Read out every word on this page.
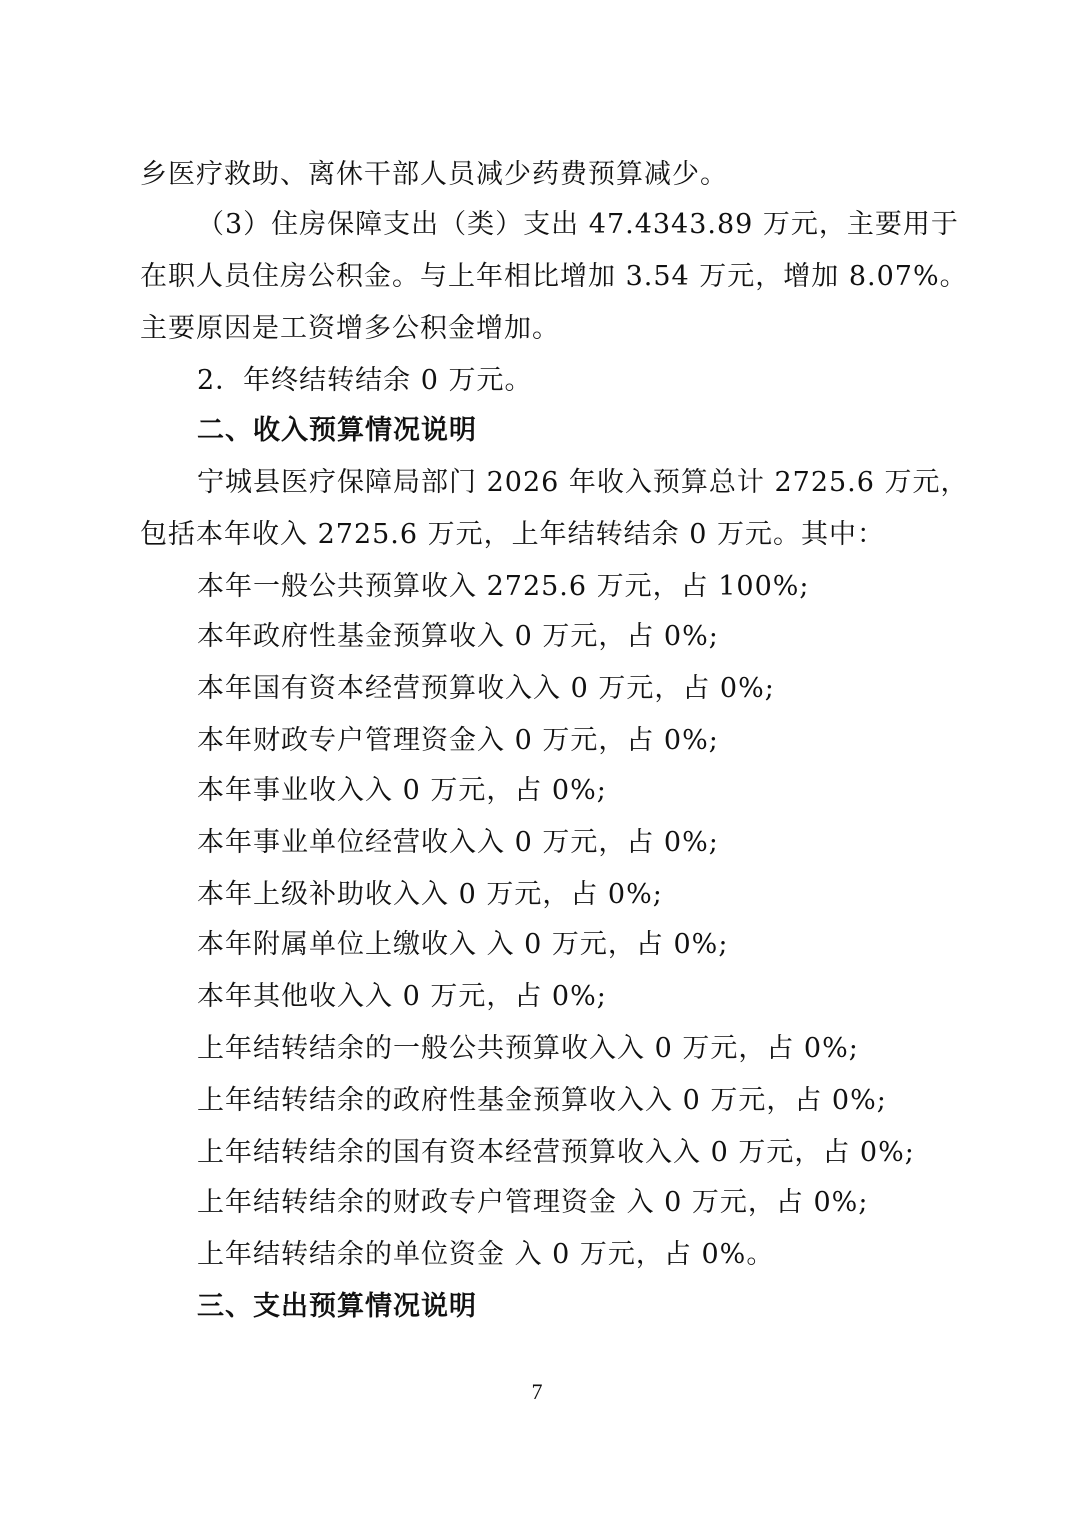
乡医疗救助、离休干部人员减少药费预算减少。
（3）住房保障支出（类）支出 47.4343.89 万元，主要用于
在职人员住房公积金。与上年相比增加 3.54 万元，增加 8.07%。
主要原因是工资增多公积金增加。
2．年终结转结余 0 万元。
二、收入预算情况说明
宁城县医疗保障局部门 2026 年收入预算总计 2725.6 万元，
包括本年收入 2725.6 万元，上年结转结余 0 万元。其中：
本年一般公共预算收入 2725.6 万元，占 100%;
本年政府性基金预算收入 0 万元，占 0%;
本年国有资本经营预算收入入 0 万元，占 0%;
本年财政专户管理资金入 0 万元，占 0%;
本年事业收入入 0 万元，占 0%;
本年事业单位经营收入入 0 万元，占 0%;
本年上级补助收入入 0 万元，占 0%;
本年附属单位上缴收入 入 0 万元，占 0%;
本年其他收入入 0 万元，占 0%;
上年结转结余的一般公共预算收入入 0 万元，占 0%;
上年结转结余的政府性基金预算收入入 0 万元，占 0%;
上年结转结余的国有资本经营预算收入入 0 万元，占 0%;
上年结转结余的财政专户管理资金 入 0 万元，占 0%;
上年结转结余的单位资金 入 0 万元，占 0%。
三、支出预算情况说明
7
